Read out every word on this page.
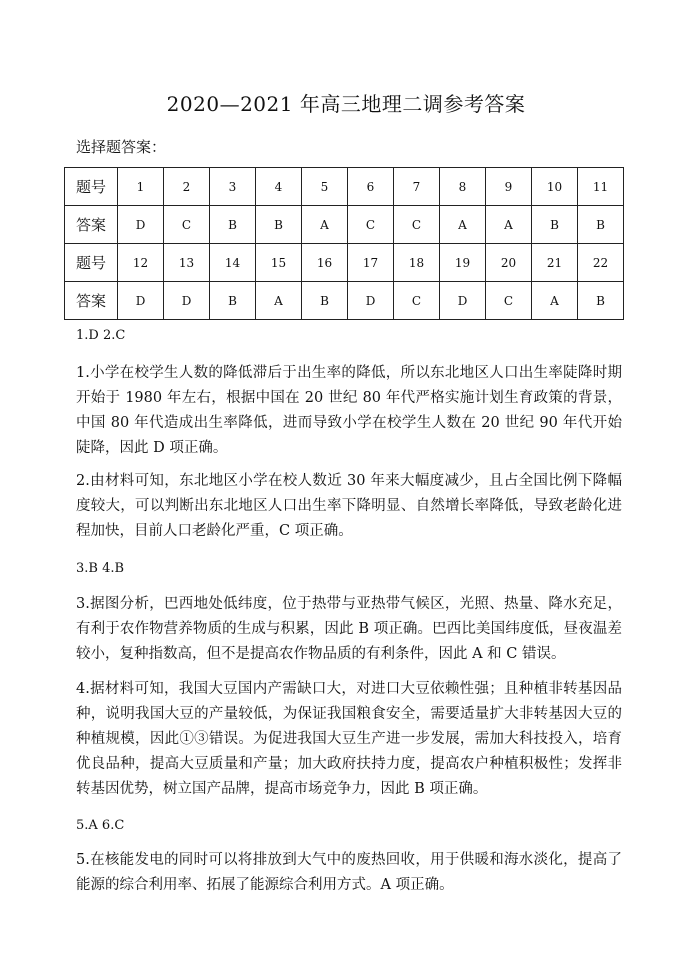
2020—2021 年高三地理二调参考答案
选择题答案：
题号	1	2	3	4	5	6	7	8	9	10	11
答案	D	C	B	B	A	C	C	A	A	B	B
题号	12	13	14	15	16	17	18	19	20	21	22
答案	D	D	B	A	B	D	C	D	C	A	B
1.D 2.C
1.小学在校学生人数的降低滞后于出生率的降低，所以东北地区人口出生率陡降时期开始于 1980 年左右，根据中国在 20 世纪 80 年代严格实施计划生育政策的背景，中国 80 年代造成出生率降低，进而导致小学在校学生人数在 20 世纪 90 年代开始陡降，因此 D 项正确。
2.由材料可知，东北地区小学在校人数近 30 年来大幅度减少，且占全国比例下降幅度较大，可以判断出东北地区人口出生率下降明显、自然增长率降低，导致老龄化进程加快，目前人口老龄化严重，C 项正确。
3.B 4.B
3.据图分析，巴西地处低纬度，位于热带与亚热带气候区，光照、热量、降水充足，有利于农作物营养物质的生成与积累，因此 B 项正确。巴西比美国纬度低，昼夜温差较小，复种指数高，但不是提高农作物品质的有利条件，因此 A 和 C 错误。
4.据材料可知，我国大豆国内产需缺口大，对进口大豆依赖性强；且种植非转基因品种，说明我国大豆的产量较低，为保证我国粮食安全，需要适量扩大非转基因大豆的种植规模，因此①③错误。为促进我国大豆生产进一步发展，需加大科技投入，培育优良品种，提高大豆质量和产量；加大政府扶持力度，提高农户种植积极性；发挥非转基因优势，树立国产品牌，提高市场竞争力，因此 B 项正确。
5.A 6.C
5.在核能发电的同时可以将排放到大气中的废热回收，用于供暖和海水淡化，提高了能源的综合利用率、拓展了能源综合利用方式。A 项正确。
